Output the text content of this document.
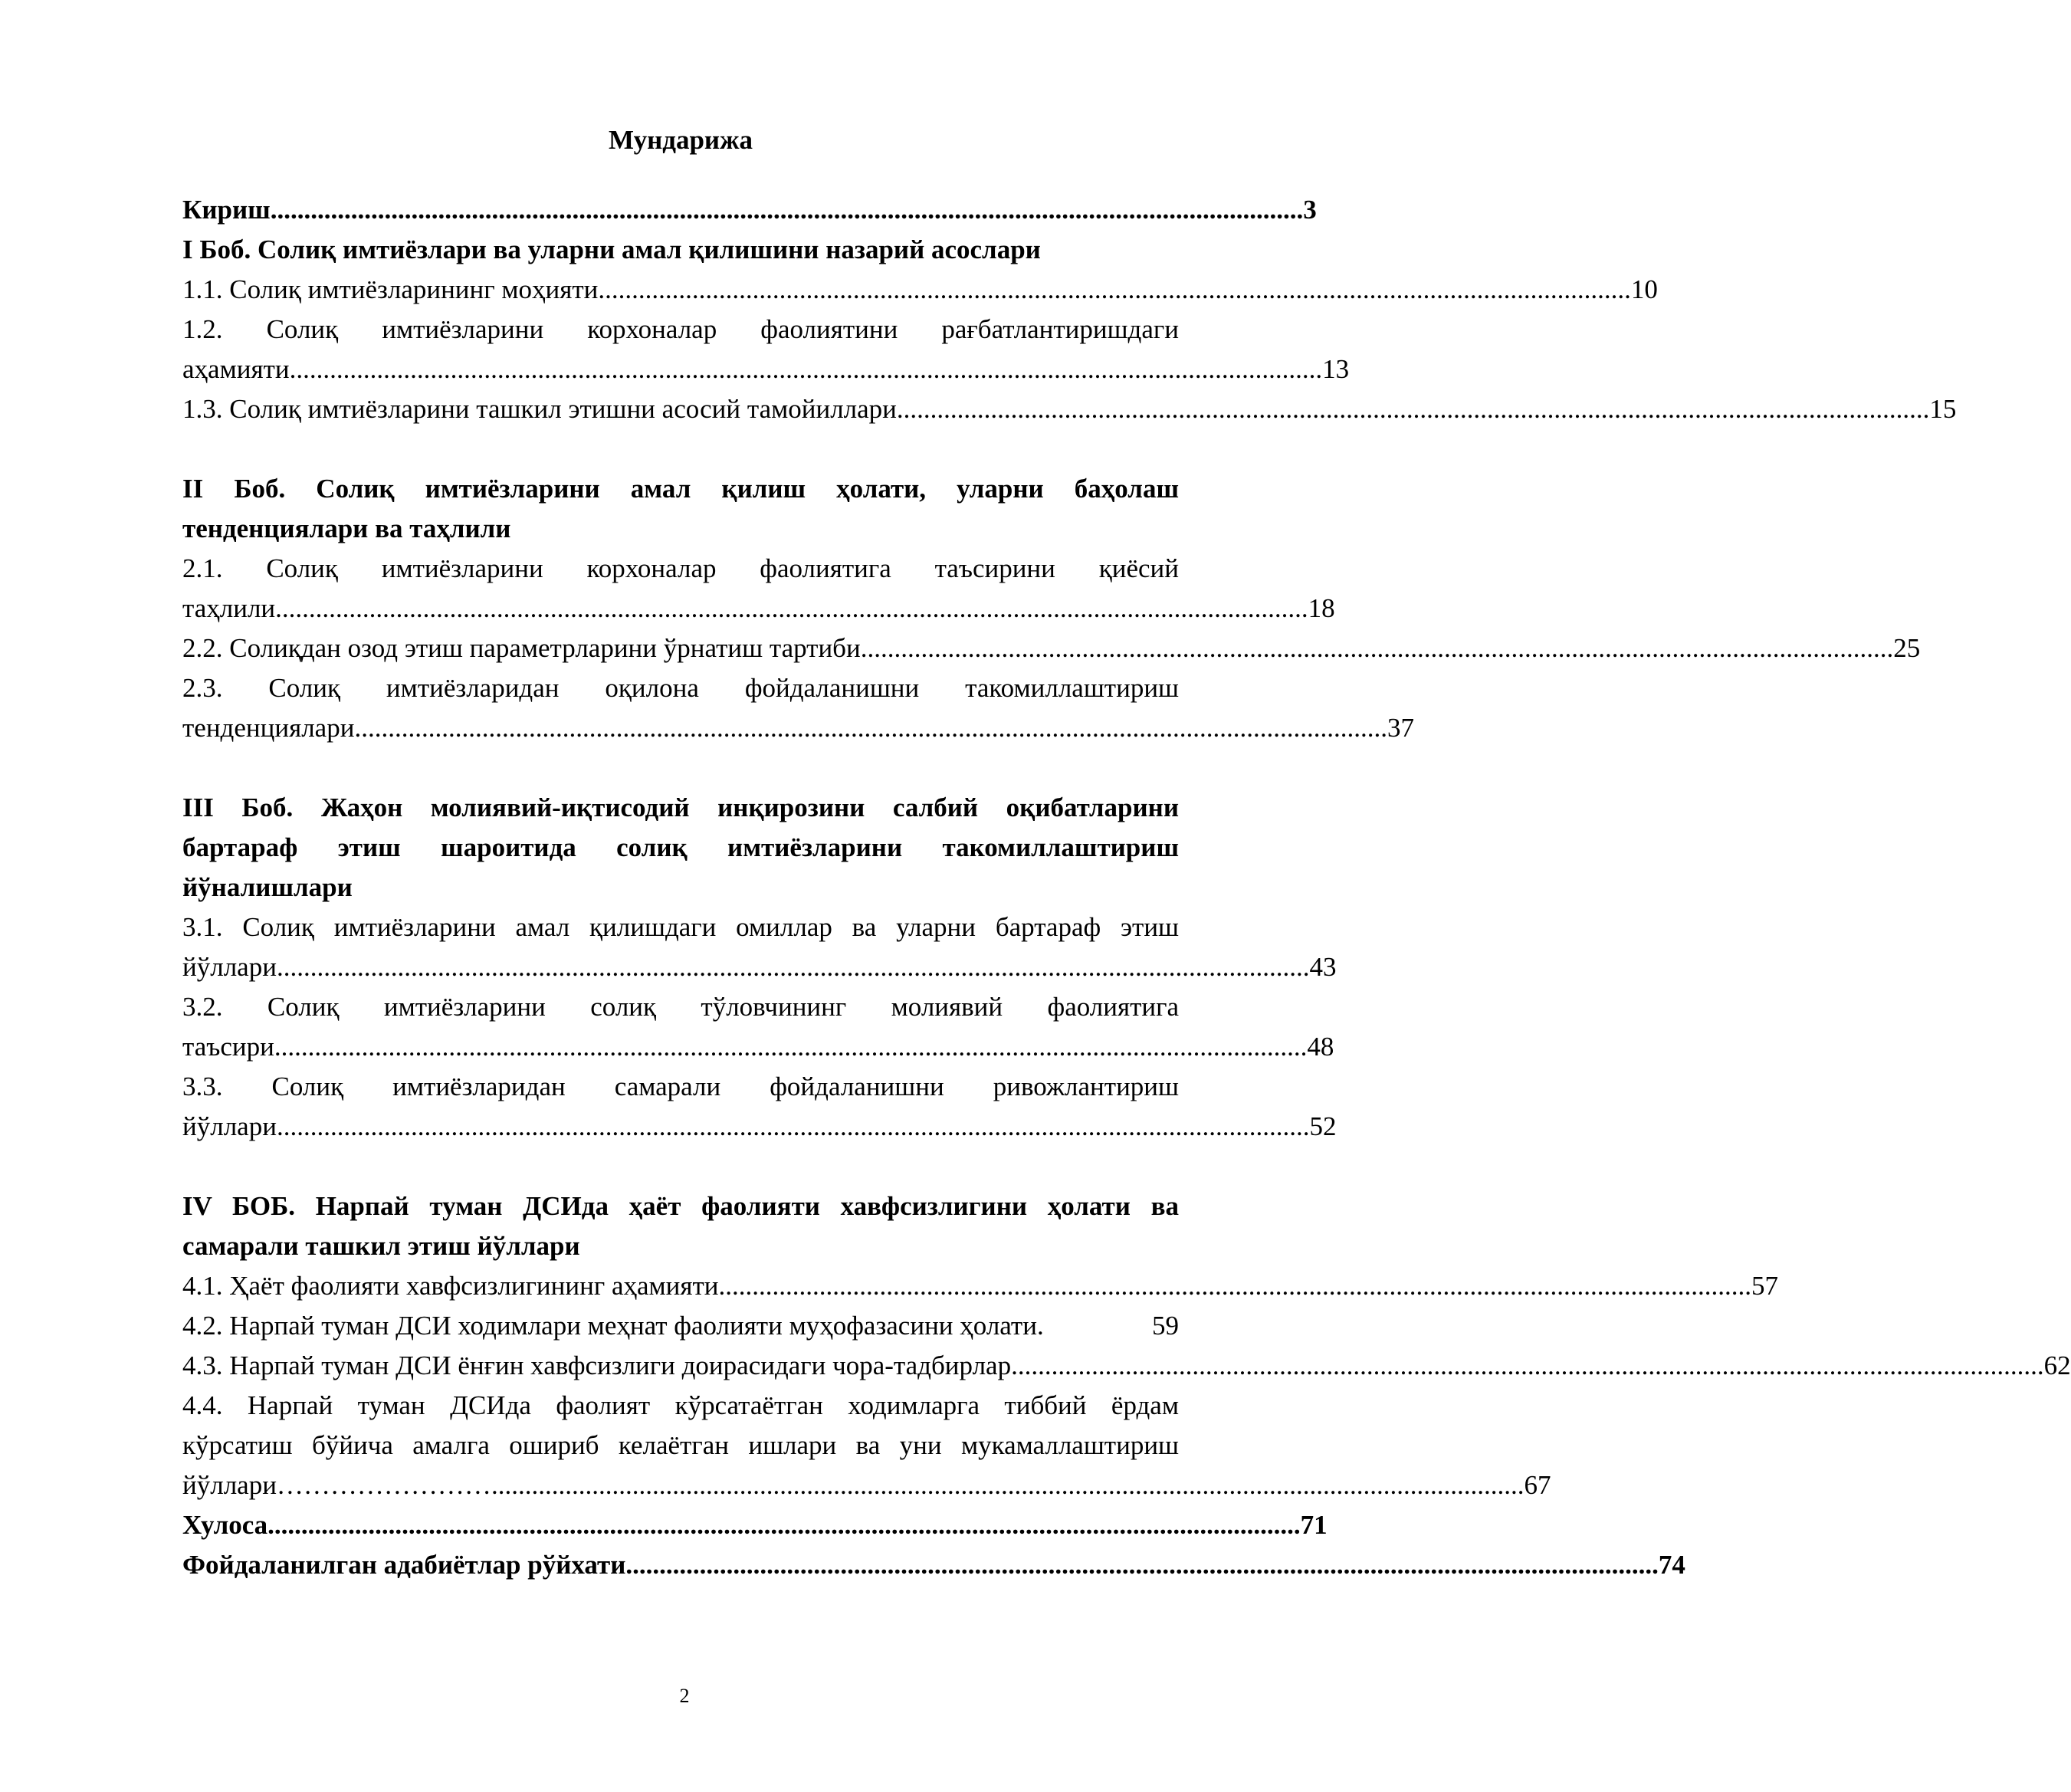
Мундарижа
Кириш .......................................................................................................................................................... 3
I Боб. Солиқ имтиёзлари ва уларни амал қилишини назарий асослари
1.1. Солиқ имтиёзларининг моҳияти .......................................................................................................................................................... 10
1.2. Солиқ имтиёзларини корхоналар фаолиятини рағбатлантиришдаги
аҳамияти .......................................................................................................................................................... 13
1.3. Солиқ имтиёзларини ташкил этишни асосий тамойиллари .......................................................................................................................................................... 15
II Боб. Солиқ имтиёзларини амал қилиш ҳолати, уларни баҳолаш
тенденциялари ва таҳлили
2.1. Солиқ имтиёзларини корхоналар фаолиятига таъсирини қиёсий
таҳлили .......................................................................................................................................................... 18
2.2. Солиқдан озод этиш параметрларини ўрнатиш тартиби .......................................................................................................................................................... 25
2.3. Солиқ имтиёзларидан оқилона фойдаланишни такомиллаштириш
тенденциялари .......................................................................................................................................................... 37
III Боб. Жаҳон молиявий-иқтисодий инқирозини салбий оқибатларини
бартараф этиш шароитида солиқ имтиёзларини такомиллаштириш
йўналишлари
3.1. Солиқ имтиёзларини амал қилишдаги омиллар ва уларни бартараф этиш
йўллари .......................................................................................................................................................... 43
3.2. Солиқ имтиёзларини солиқ тўловчининг молиявий фаолиятига
таъсири .......................................................................................................................................................... 48
3.3. Солиқ имтиёзларидан самарали фойдаланишни ривожлантириш
йўллари .......................................................................................................................................................... 52
IV БОБ. Нарпай туман ДСИда ҳаёт фаолияти хавфсизлигини ҳолати ва
самарали ташкил этиш йўллари
4.1. Ҳаёт фаолияти хавфсизлигининг аҳамияти .......................................................................................................................................................... 57
4.2. Нарпай туман ДСИ ходимлари меҳнат фаолияти муҳофазасини ҳолати.	59
4.3. Нарпай туман ДСИ ёнғин хавфсизлиги доирасидаги чора-тадбирлар .......................................................................................................................................................... 62
4.4. Нарпай туман ДСИда фаолият кўрсатаётган ходимларга тиббий ёрдам
кўрсатиш бўйича амалга ошириб келаётган ишлари ва уни мукамаллаштириш
йўллари…………………… .......................................................................................................................................................... 67
Хулоса .......................................................................................................................................................... 71
Фойдаланилган адабиётлар рўйхати .......................................................................................................................................................... 74
2
